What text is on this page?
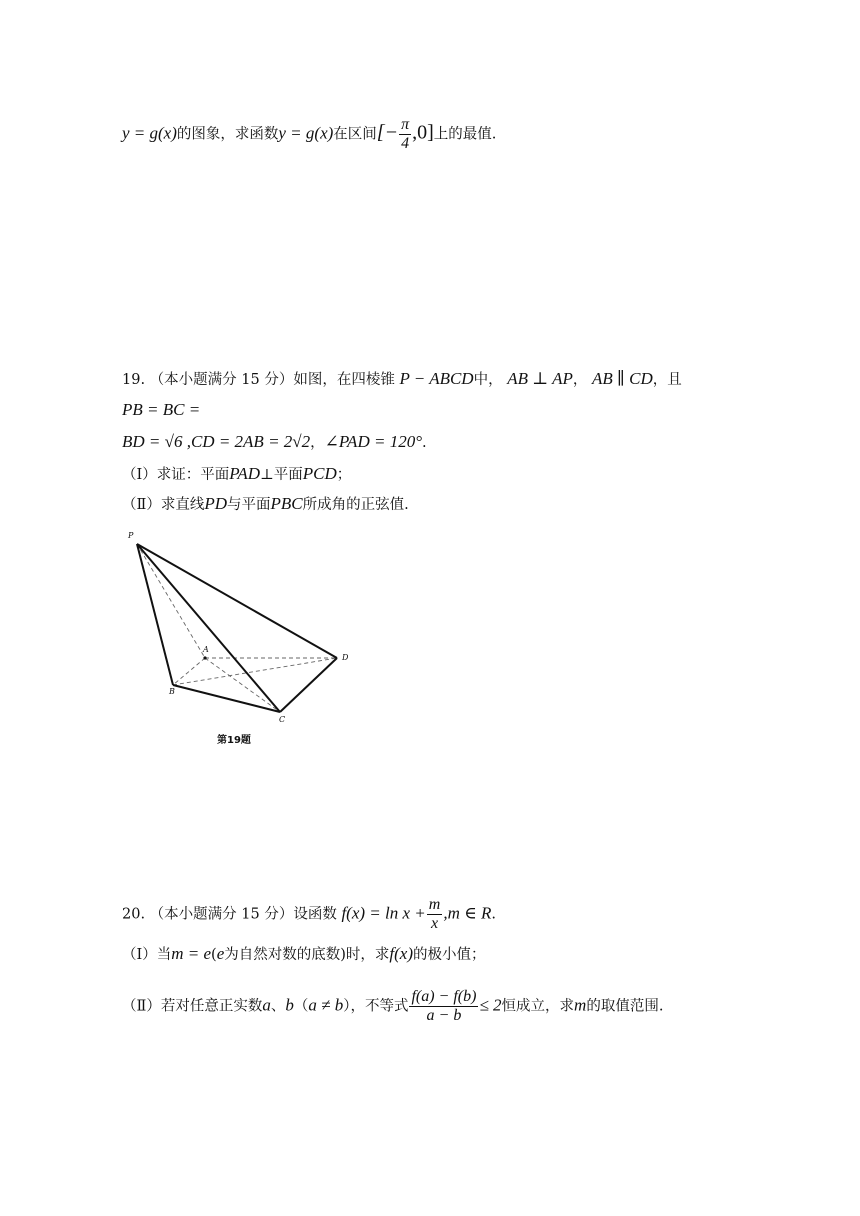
y = g(x)的图象，求函数y = g(x)在区间[− $\frac{\pi}{4} ,0$]上的最值.
19. （本小题满分 15 分）如图，在四棱锥 P − ABCD中， AB ⊥ AP， AB ∥ CD，且
PB = BC =
BD = √6 ,CD = 2AB = 2√2，∠PAD = 120°.
（Ⅰ）求证：平面PAD⊥平面PCD；
（Ⅱ）求直线PD与平面PBC所成角的正弦值.
P
A
B
C
D
第19题
20. （本小题满分 15 分）设函数 $f(x) = \ln x + \frac{m}{x} ,m$ ∈ R.
（Ⅰ）当m = e(e为自然对数的底数)时，求f(x)的极小值；
（Ⅱ）若对任意正实数a、b（a ≠ b），不等式 $\frac{f(a) - f(b)}{a - b} \le 2$恒成立，求m的取值范围.
